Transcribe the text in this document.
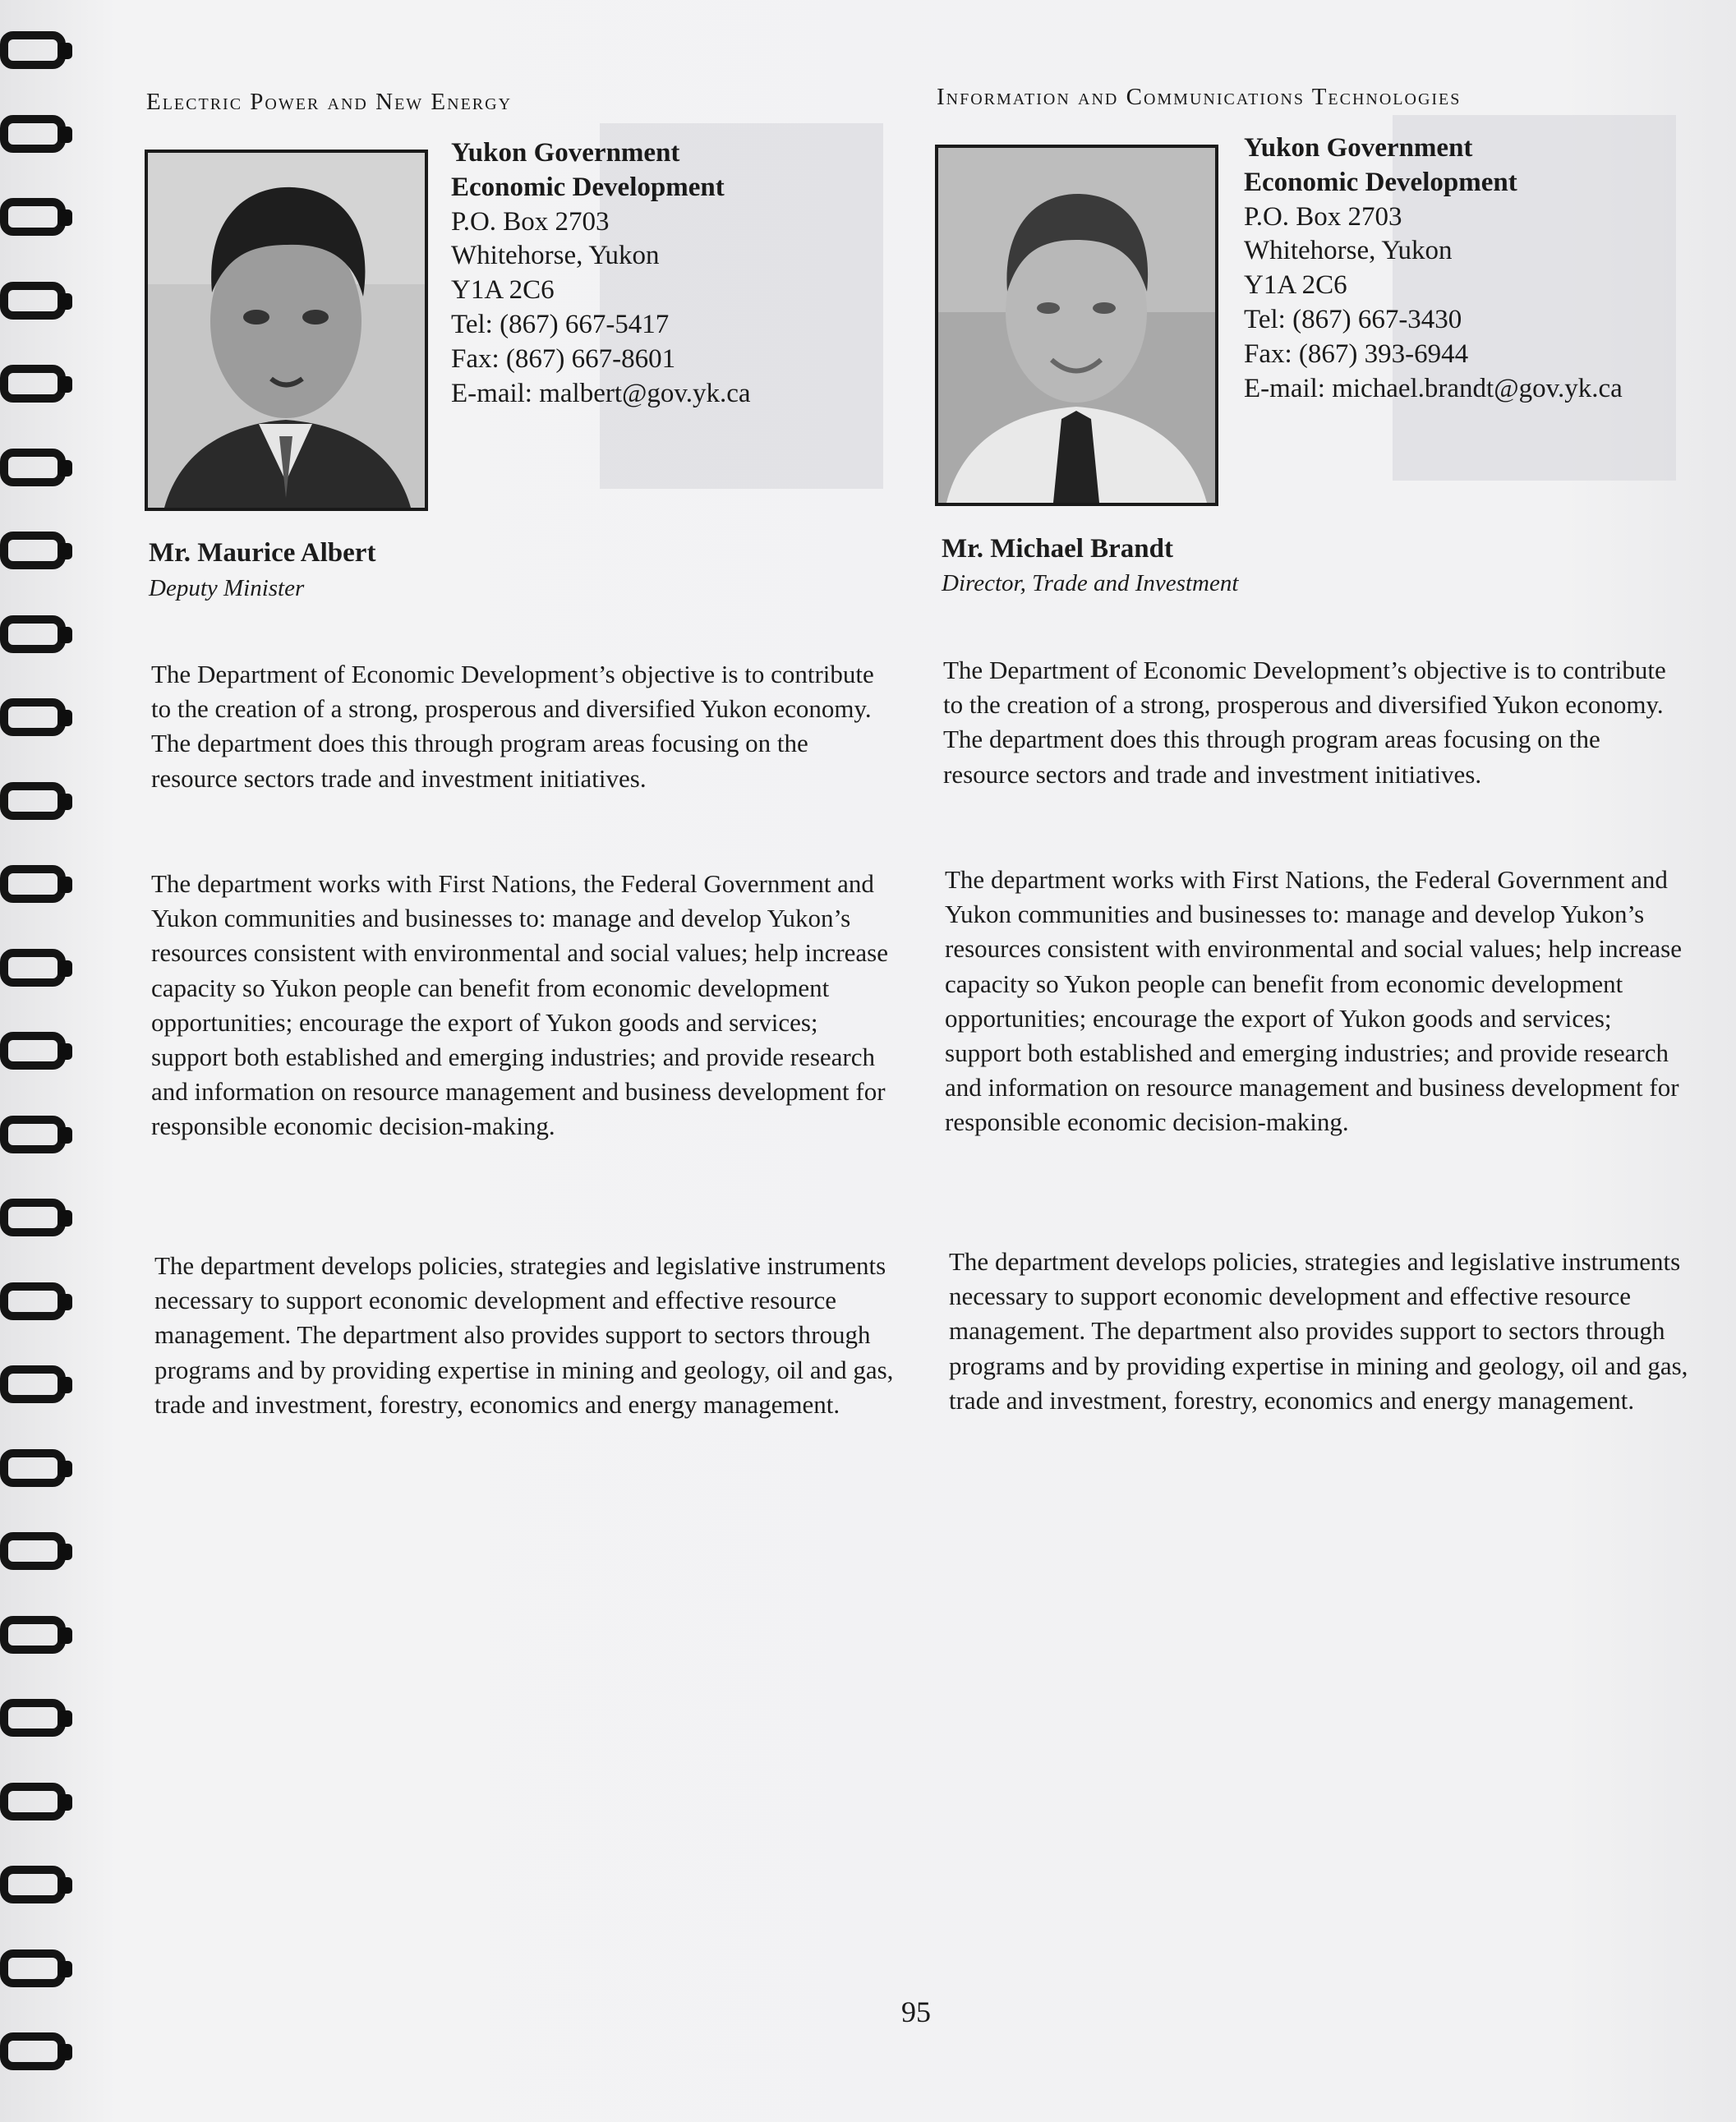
Electric Power and New Energy
Yukon Government
Economic Development
P.O. Box 2703
Whitehorse, Yukon
Y1A 2C6
Tel: (867) 667-5417
Fax: (867) 667-8601
E-mail: malbert@gov.yk.ca
Mr. Maurice Albert
Deputy Minister

The Department of Economic Development’s objective is to contribute to the creation of a strong, prosperous and diversified Yukon economy. The department does this through program areas focusing on the resource sectors trade and investment initiatives.

The department works with First Nations, the Federal Government and Yukon communities and businesses to: manage and develop Yukon’s resources consistent with environmental and social values; help increase capacity so Yukon people can benefit from economic development opportunities; encourage the export of Yukon goods and services; support both established and emerging industries; and provide research and information on resource management and business development for responsible economic decision-making.

The department develops policies, strategies and legislative instruments necessary to support economic development and effective resource management. The department also provides support to sectors through programs and by providing expertise in mining and geology, oil and gas, trade and investment, forestry, economics and energy management.

Information and Communications Technologies
Yukon Government
Economic Development
P.O. Box 2703
Whitehorse, Yukon
Y1A 2C6
Tel: (867) 667-3430
Fax: (867) 393-6944
E-mail: michael.brandt@gov.yk.ca
Mr. Michael Brandt
Director, Trade and Investment

The Department of Economic Development’s objective is to contribute to the creation of a strong, prosperous and diversified Yukon economy. The department does this through program areas focusing on the resource sectors and trade and investment initiatives.

The department works with First Nations, the Federal Government and Yukon communities and businesses to: manage and develop Yukon’s resources consistent with environmental and social values; help increase capacity so Yukon people can benefit from economic development opportunities; encourage the export of Yukon goods and services; support both established and emerging industries; and provide research and information on resource management and business development for responsible economic decision-making.

The department develops policies, strategies and legislative instruments necessary to support economic development and effective resource management. The department also provides support to sectors through programs and by providing expertise in mining and geology, oil and gas, trade and investment, forestry, economics and energy management.

95
